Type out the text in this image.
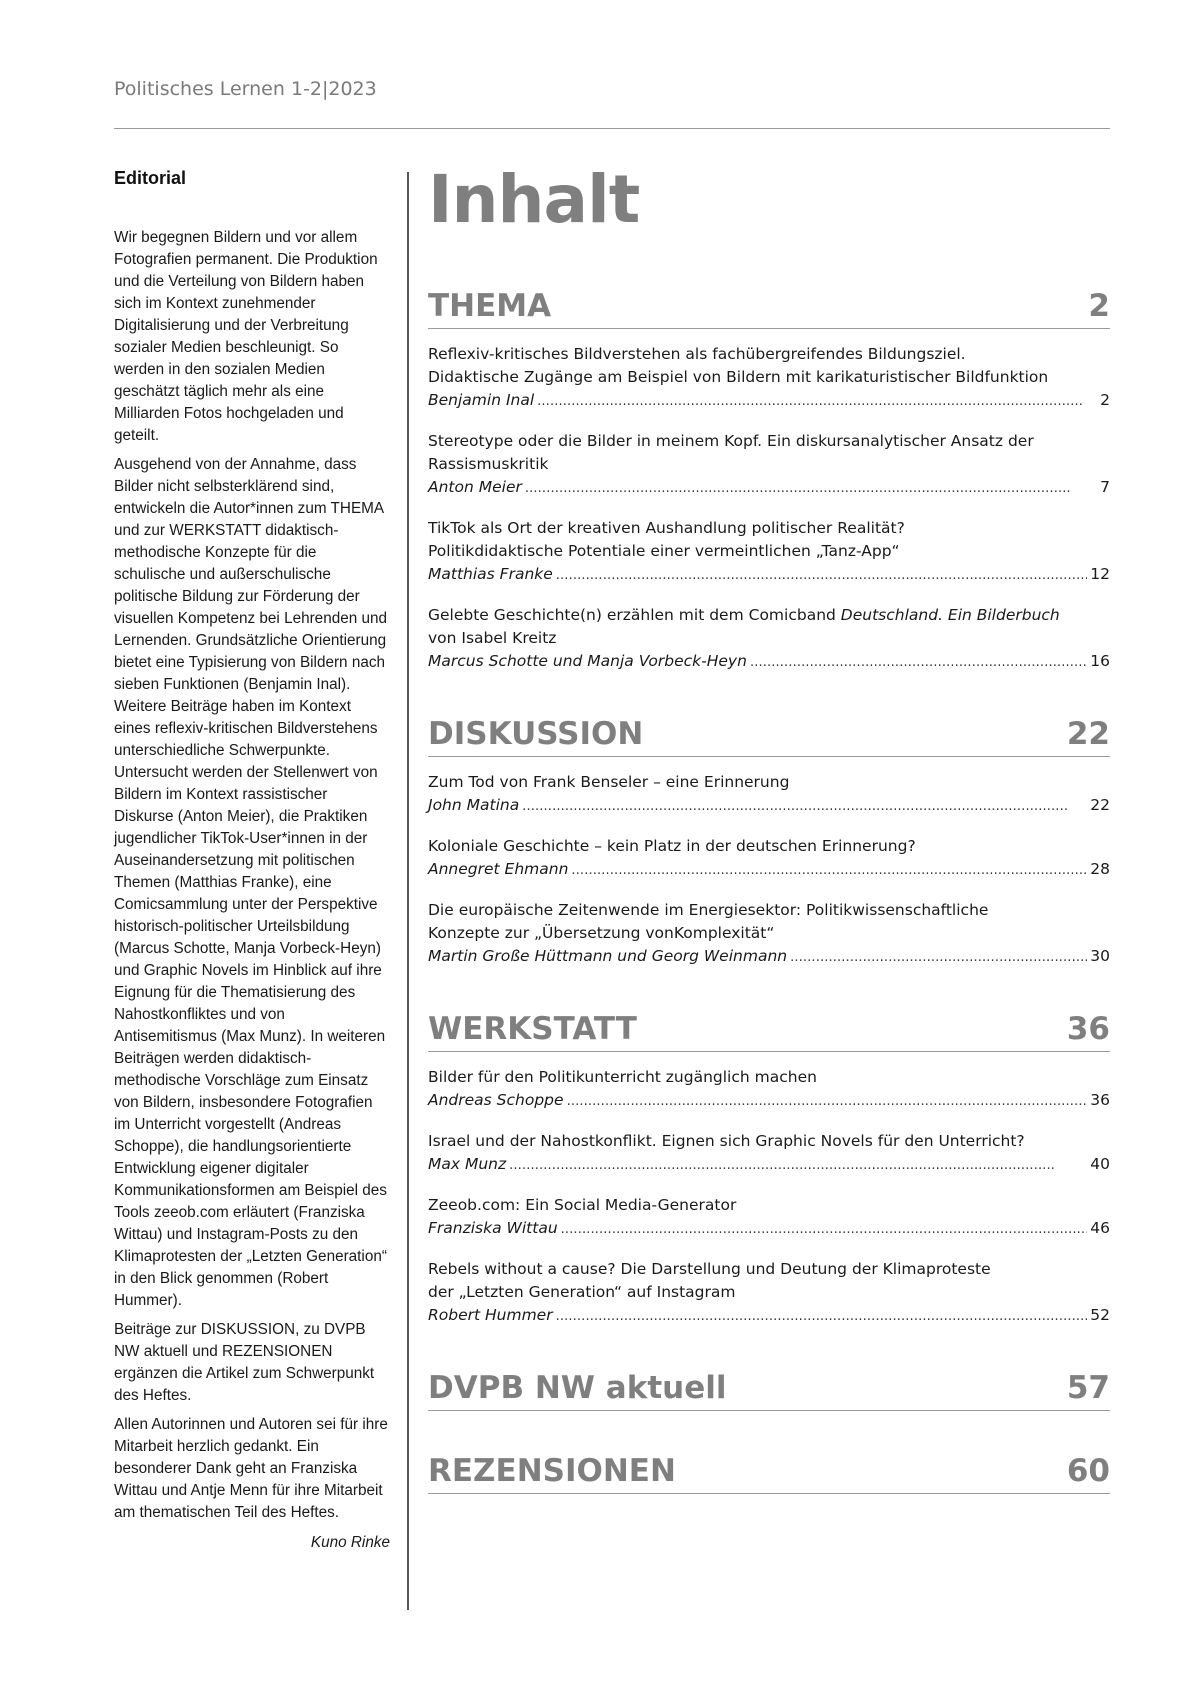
Politisches Lernen 1-2|2023
Editorial

Wir begegnen Bildern und vor allem Fotografien permanent. Die Produktion und die Verteilung von Bildern haben sich im Kontext zunehmender Digitalisierung und der Verbreitung sozialer Medien beschleunigt. So werden in den sozialen Medien geschätzt täglich mehr als eine Milliarden Fotos hochgeladen und geteilt.

Ausgehend von der Annahme, dass Bilder nicht selbsterklärend sind, entwickeln die Autor*innen zum THEMA und zur WERKSTATT didaktisch-methodische Konzepte für die schulische und außerschulische politische Bildung zur Förderung der visuellen Kompetenz bei Lehrenden und Lernenden. Grundsätzliche Orientierung bietet eine Typisierung von Bildern nach sieben Funktionen (Benjamin Inal). Weitere Beiträge haben im Kontext eines reflexiv-kritischen Bildverstehens unterschiedliche Schwerpunkte. Untersucht werden der Stellenwert von Bildern im Kontext rassistischer Diskurse (Anton Meier), die Praktiken jugendlicher TikTok-User*innen in der Auseinandersetzung mit politischen Themen (Matthias Franke), eine Comicsammlung unter der Perspektive historisch-politischer Urteilsbildung (Marcus Schotte, Manja Vorbeck-Heyn) und Graphic Novels im Hinblick auf ihre Eignung für die Thematisierung des Nahostkonfliktes und von Antisemitismus (Max Munz). In weiteren Beiträgen werden didaktisch-methodische Vorschläge zum Einsatz von Bildern, insbesondere Fotografien im Unterricht vorgestellt (Andreas Schoppe), die handlungsorientierte Entwicklung eigener digitaler Kommunikationsformen am Beispiel des Tools zeeob.com erläutert (Franziska Wittau) und Instagram-Posts zu den Klimaprotesten der „Letzten Generation“ in den Blick genommen (Robert Hummer).

Beiträge zur DISKUSSION, zu DVPB NW aktuell und REZENSIONEN ergänzen die Artikel zum Schwerpunkt des Heftes.

Allen Autorinnen und Autoren sei für ihre Mitarbeit herzlich gedankt. Ein besonderer Dank geht an Franziska Wittau und Antje Menn für ihre Mitarbeit am thematischen Teil des Heftes.

Kuno Rinke

Inhalt
THEMA	2
Reflexiv-kritisches Bildverstehen als fachübergreifendes Bildungsziel.
Didaktische Zugänge am Beispiel von Bildern mit karikaturistischer Bildfunktion
Benjamin Inal . . .	2
Stereotype oder die Bilder in meinem Kopf. Ein diskursanalytischer Ansatz der
Rassismuskritik
Anton Meier . . .	7
TikTok als Ort der kreativen Aushandlung politischer Realität?
Politikdidaktische Potentiale einer vermeintlichen „Tanz-App“
Matthias Franke . . .	12
Gelebte Geschichte(n) erzählen mit dem Comicband Deutschland. Ein Bilderbuch
von Isabel Kreitz
Marcus Schotte und Manja Vorbeck-Heyn . . .	16
DISKUSSION	22
Zum Tod von Frank Benseler – eine Erinnerung
John Matina . . .	22
Koloniale Geschichte – kein Platz in der deutschen Erinnerung?
Annegret Ehmann . . .	28
Die europäische Zeitenwende im Energiesektor: Politikwissenschaftliche
Konzepte zur „Übersetzung vonKomplexität“
Martin Große Hüttmann und Georg Weinmann . . .	30
WERKSTATT	36
Bilder für den Politikunterricht zugänglich machen
Andreas Schoppe . . .	36
Israel und der Nahostkonflikt. Eignen sich Graphic Novels für den Unterricht?
Max Munz . . .	40
Zeeob.com: Ein Social Media-Generator
Franziska Wittau . . .	46
Rebels without a cause? Die Darstellung und Deutung der Klimaproteste
der „Letzten Generation“ auf Instagram
Robert Hummer . . .	52
DVPB NW aktuell	57
REZENSIONEN	60
